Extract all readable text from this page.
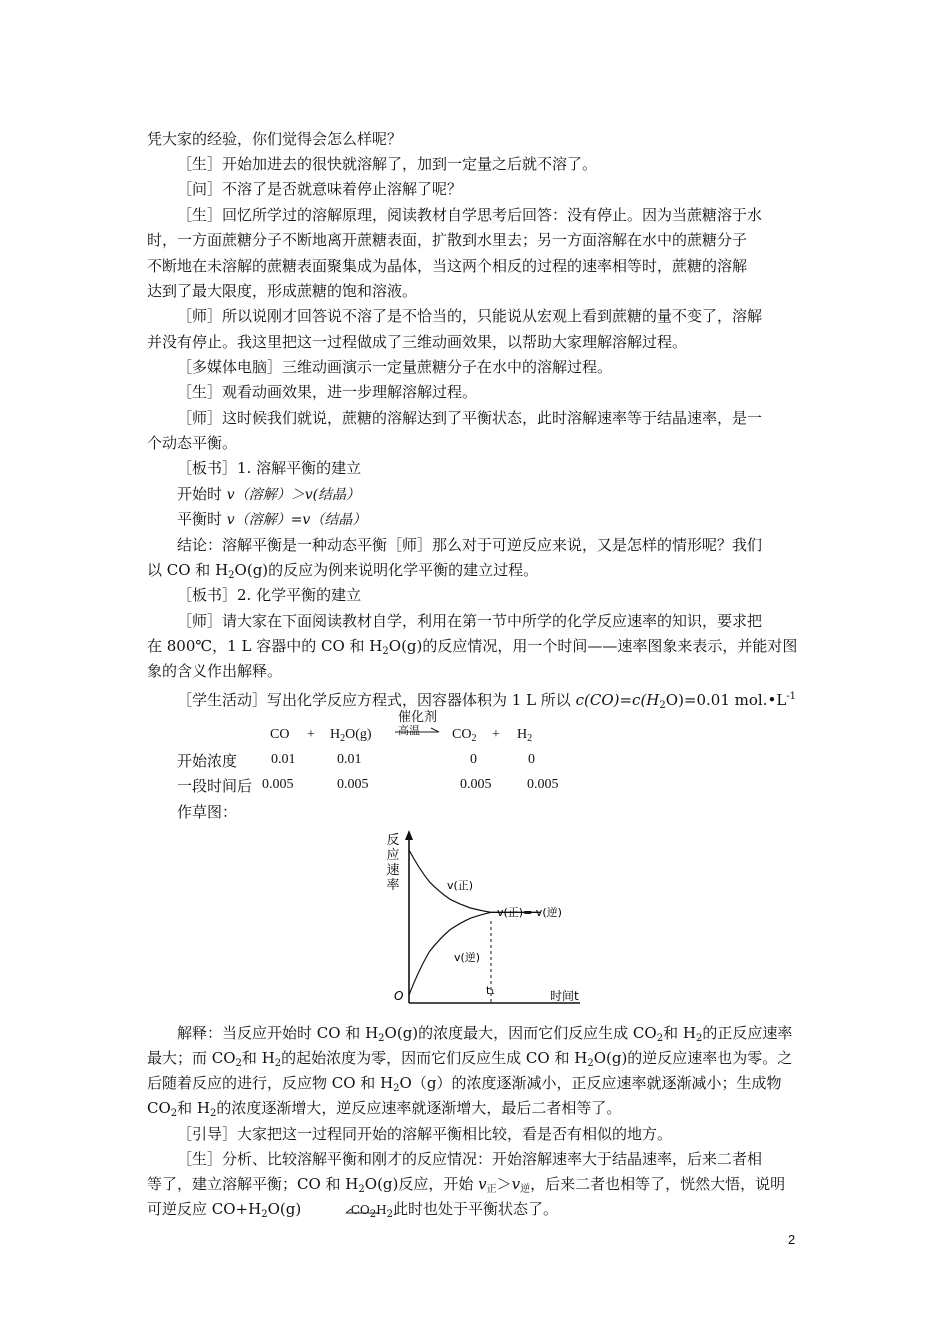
凭大家的经验，你们觉得会怎么样呢？
［生］开始加进去的很快就溶解了，加到一定量之后就不溶了。
［问］不溶了是否就意味着停止溶解了呢？
［生］回忆所学过的溶解原理，阅读教材自学思考后回答：没有停止。因为当蔗糖溶于水
时，一方面蔗糖分子不断地离开蔗糖表面，扩散到水里去；另一方面溶解在水中的蔗糖分子
不断地在未溶解的蔗糖表面聚集成为晶体，当这两个相反的过程的速率相等时，蔗糖的溶解
达到了最大限度，形成蔗糖的饱和溶液。
［师］所以说刚才回答说不溶了是不恰当的，只能说从宏观上看到蔗糖的量不变了，溶解
并没有停止。我这里把这一过程做成了三维动画效果，以帮助大家理解溶解过程。
［多媒体电脑］三维动画演示一定量蔗糖分子在水中的溶解过程。
［生］观看动画效果，进一步理解溶解过程。
［师］这时候我们就说，蔗糖的溶解达到了平衡状态，此时溶解速率等于结晶速率，是一
个动态平衡。
［板书］1. 溶解平衡的建立
开始时 v（溶解）＞v(结晶）
平衡时 v（溶解）=v（结晶）
结论：溶解平衡是一种动态平衡［师］那么对于可逆反应来说，又是怎样的情形呢？我们
以 CO 和 $H_2O(g)$的反应为例来说明化学平衡的建立过程。
［板书］2. 化学平衡的建立
［师］请大家在下面阅读教材自学，利用在第一节中所学的化学反应速率的知识，要求把
在 800℃，1 L 容器中的 CO 和 $H_2O(g)$的反应情况，用一个时间——速率图象来表示，并能对图
象的含义作出解释。
［学生活动］写出化学反应方程式，因容器体积为 1 L 所以 $c(CO)=c(H_2O)=0.01$ $mol.•L^{-1}$
CO + $H_2O(g)$
催化剂
高温 → $CO_2 + H_2$
开始浓度 0.01	0.01	0	0
一段时间后 0.005	0.005	0.005	0.005
作草图：
反
应
速
率
O	t₁	时间t
v(正)
v(逆)
v(正)= v(逆)
解释：当反应开始时 CO 和 $H_2O(g)$的浓度最大，因而它们反应生成 $CO_2$和 $H_2$的正反应速率
最大；而 $CO_2$和 $H_2$的起始浓度为零，因而它们反应生成 CO 和 $H_2O(g)$的逆反应速率也为零。之
后随着反应的进行，反应物 CO 和 $H_2O(g)$的浓度逐渐减小，正反应速率就逐渐减小；生成物
$CO_2$和 $H_2$的浓度逐渐增大，逆反应速率就逐渐增大，最后二者相等了。
［引导］大家把这一过程同开始的溶解平衡相比较，看是否有相似的地方。
［生］分析、比较溶解平衡和刚才的反应情况：开始溶解速率大于结晶速率，后来二者相
等了，建立溶解平衡；CO 和 $H_2O(g)$反应，开始 $v_正>v_逆$，后来二者也相等了，恍然大悟，说明
可逆反应 $CO+H_2O(g)$	$CO_2H_2$此时也处于平衡状态了。
2
